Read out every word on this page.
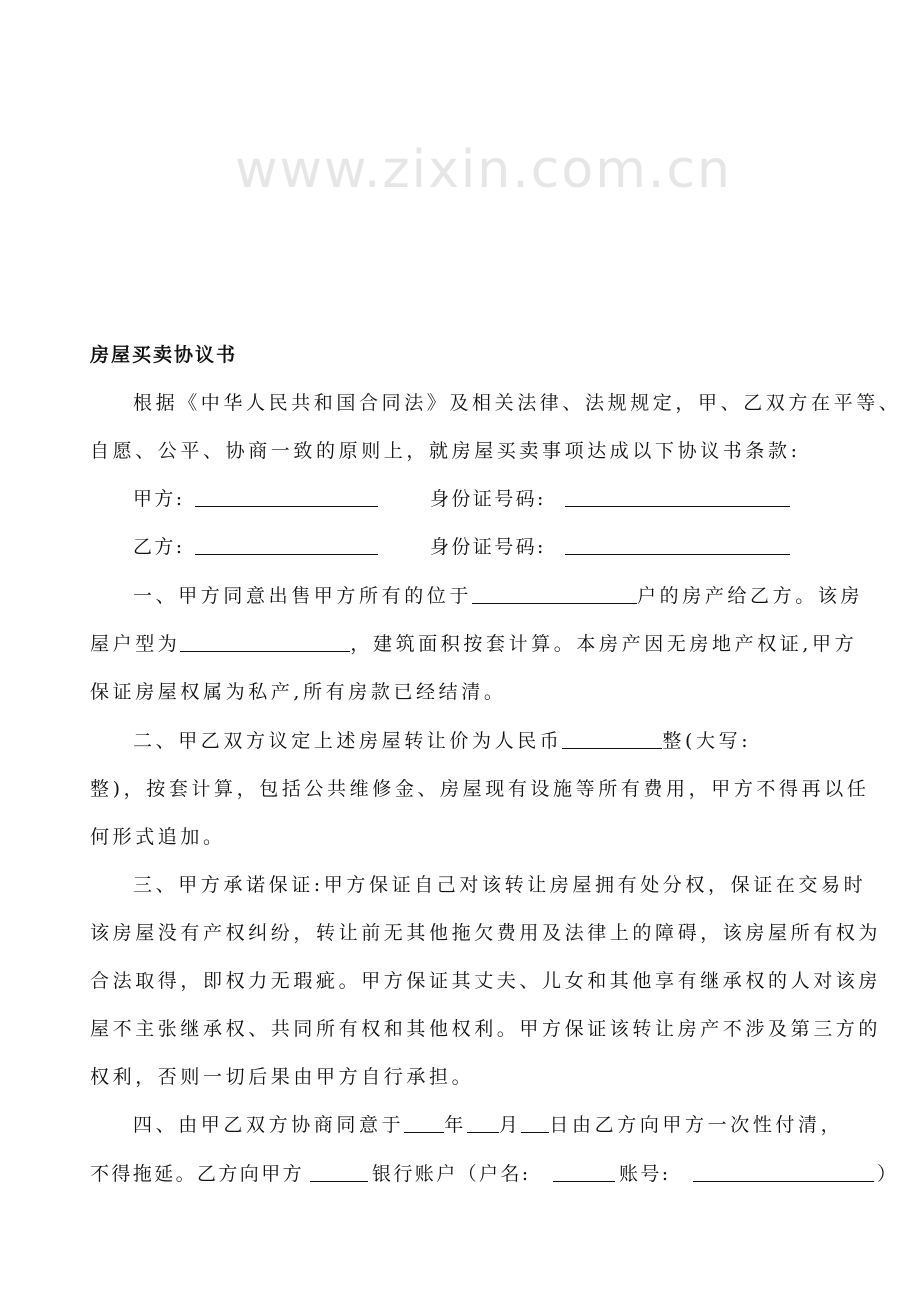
www.zixin.com.cn
房屋买卖协议书
根据《中华人民共和国合同法》及相关法律、法规规定，甲、乙双方在平等、
自愿、公平、协商一致的原则上，就房屋买卖事项达成以下协议书条款:
甲方:	身份证号码:
乙方:	身份证号码:
一、甲方同意出售甲方所有的位于	户的房产给乙方。该房
屋户型为	，建筑面积按套计算。本房产因无房地产权证,甲方
保证房屋权属为私产,所有房款已经结清。
二、甲乙双方议定上述房屋转让价为人民币	整(大写:
整)，按套计算，包括公共维修金、房屋现有设施等所有费用，甲方不得再以任
何形式追加。
三、甲方承诺保证:甲方保证自己对该转让房屋拥有处分权，保证在交易时
该房屋没有产权纠纷，转让前无其他拖欠费用及法律上的障碍，该房屋所有权为
合法取得，即权力无瑕疵。甲方保证其丈夫、儿女和其他享有继承权的人对该房
屋不主张继承权、共同所有权和其他权利。甲方保证该转让房产不涉及第三方的
权利，否则一切后果由甲方自行承担。
四、由甲乙双方协商同意于 年 月 日由乙方向甲方一次性付清，
不得拖延。乙方向甲方	银行账户（户名:	账号:	）
